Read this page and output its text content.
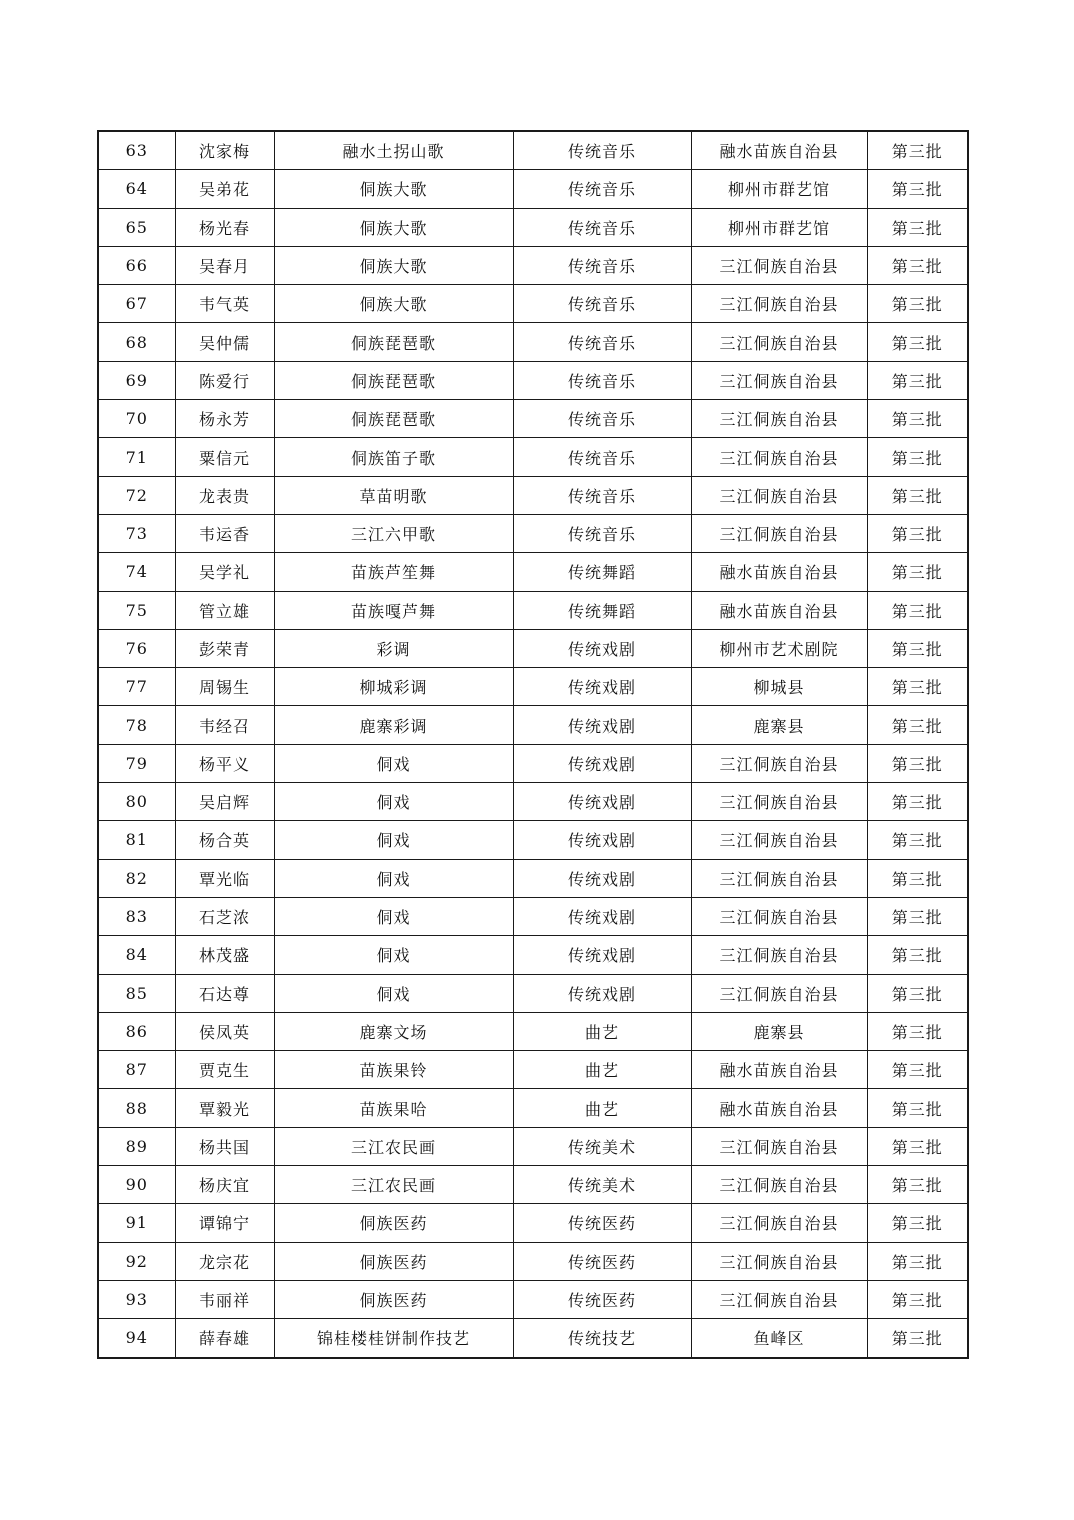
63	沈家梅	融水土拐山歌	传统音乐	融水苗族自治县	第三批
64	吴弟花	侗族大歌	传统音乐	柳州市群艺馆	第三批
65	杨光春	侗族大歌	传统音乐	柳州市群艺馆	第三批
66	吴春月	侗族大歌	传统音乐	三江侗族自治县	第三批
67	韦气英	侗族大歌	传统音乐	三江侗族自治县	第三批
68	吴仲儒	侗族琵琶歌	传统音乐	三江侗族自治县	第三批
69	陈爱行	侗族琵琶歌	传统音乐	三江侗族自治县	第三批
70	杨永芳	侗族琵琶歌	传统音乐	三江侗族自治县	第三批
71	粟信元	侗族笛子歌	传统音乐	三江侗族自治县	第三批
72	龙表贵	草苗明歌	传统音乐	三江侗族自治县	第三批
73	韦运香	三江六甲歌	传统音乐	三江侗族自治县	第三批
74	吴学礼	苗族芦笙舞	传统舞蹈	融水苗族自治县	第三批
75	管立雄	苗族嘎芦舞	传统舞蹈	融水苗族自治县	第三批
76	彭荣青	彩调	传统戏剧	柳州市艺术剧院	第三批
77	周锡生	柳城彩调	传统戏剧	柳城县	第三批
78	韦经召	鹿寨彩调	传统戏剧	鹿寨县	第三批
79	杨平义	侗戏	传统戏剧	三江侗族自治县	第三批
80	吴启辉	侗戏	传统戏剧	三江侗族自治县	第三批
81	杨合英	侗戏	传统戏剧	三江侗族自治县	第三批
82	覃光临	侗戏	传统戏剧	三江侗族自治县	第三批
83	石芝浓	侗戏	传统戏剧	三江侗族自治县	第三批
84	林茂盛	侗戏	传统戏剧	三江侗族自治县	第三批
85	石达尊	侗戏	传统戏剧	三江侗族自治县	第三批
86	侯凤英	鹿寨文场	曲艺	鹿寨县	第三批
87	贾克生	苗族果铃	曲艺	融水苗族自治县	第三批
88	覃毅光	苗族果哈	曲艺	融水苗族自治县	第三批
89	杨共国	三江农民画	传统美术	三江侗族自治县	第三批
90	杨庆宜	三江农民画	传统美术	三江侗族自治县	第三批
91	谭锦宁	侗族医药	传统医药	三江侗族自治县	第三批
92	龙宗花	侗族医药	传统医药	三江侗族自治县	第三批
93	韦丽祥	侗族医药	传统医药	三江侗族自治县	第三批
94	薛春雄	锦桂楼桂饼制作技艺	传统技艺	鱼峰区	第三批
